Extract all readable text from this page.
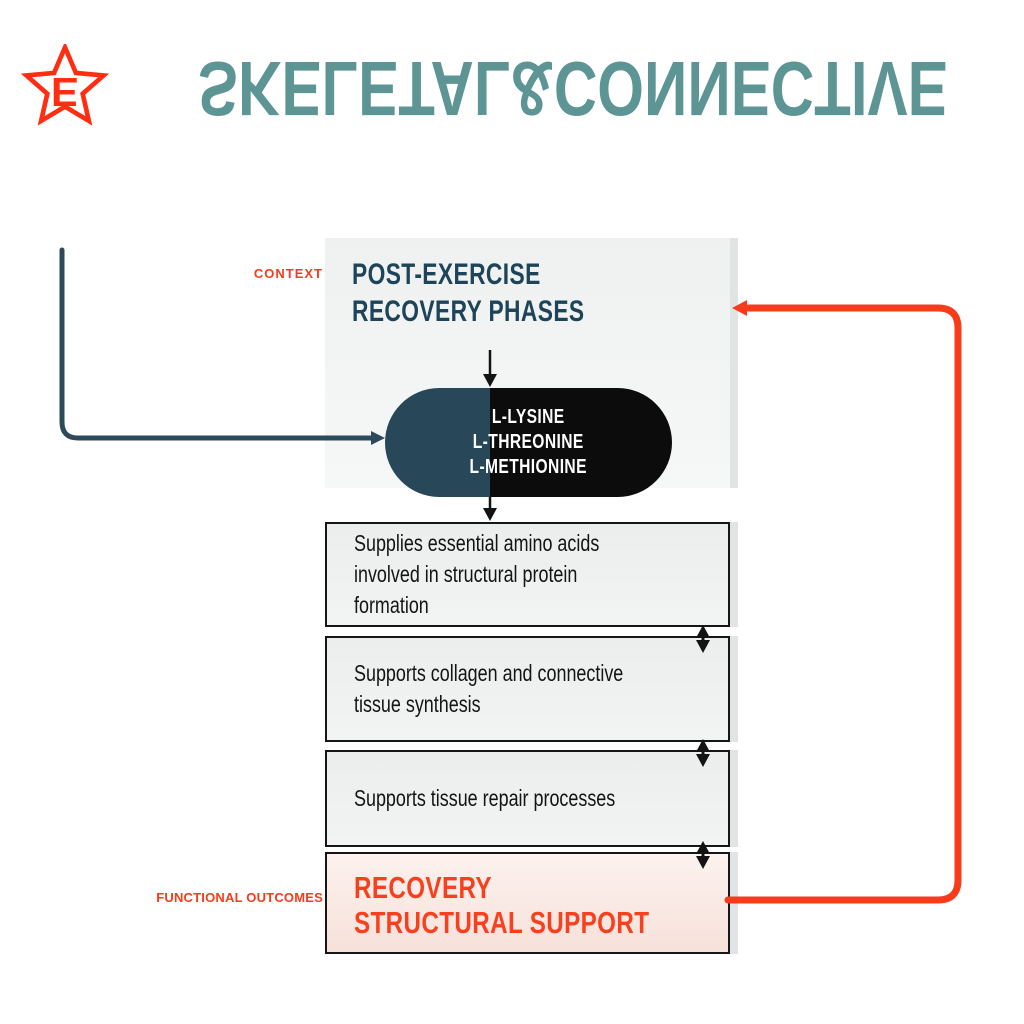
E SKELETAL&CONNECTIVE
CONTEXT POST-EXERCISE
RECOVERY PHASES
L-LYSINE
L-THREONINE
L-METHIONINE
Supplies essential amino acids involved in structural protein formation
Supports collagen and connective tissue synthesis
Supports tissue repair processes
FUNCTIONAL OUTCOMES RECOVERY
STRUCTURAL SUPPORT
